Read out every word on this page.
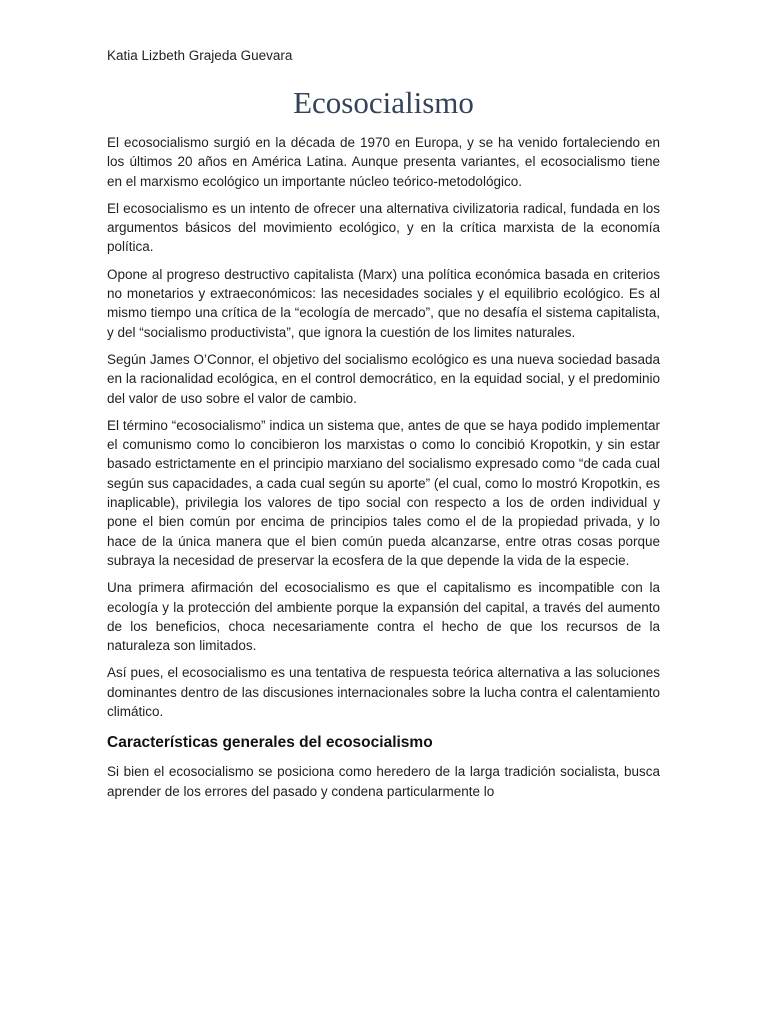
Katia Lizbeth Grajeda Guevara
Ecosocialismo

El ecosocialismo surgió en la década de 1970 en Europa, y se ha venido fortaleciendo en los últimos 20 años en América Latina. Aunque presenta variantes, el ecosocialismo tiene en el marxismo ecológico un importante núcleo teórico-metodológico.

El ecosocialismo es un intento de ofrecer una alternativa civilizatoria radical, fundada en los argumentos básicos del movimiento ecológico, y en la crítica marxista de la economía política.

Opone al progreso destructivo capitalista (Marx) una política económica basada en criterios no monetarios y extraeconómicos: las necesidades sociales y el equilibrio ecológico. Es al mismo tiempo una crítica de la “ecología de mercado”, que no desafía el sistema capitalista, y del “socialismo productivista”, que ignora la cuestión de los limites naturales.

Según James O’Connor, el objetivo del socialismo ecológico es una nueva sociedad basada en la racionalidad ecológica, en el control democrático, en la equidad social, y el predominio del valor de uso sobre el valor de cambio.

El término “ecosocialismo” indica un sistema que, antes de que se haya podido implementar el comunismo como lo concibieron los marxistas o como lo concibió Kropotkin, y sin estar basado estrictamente en el principio marxiano del socialismo expresado como “de cada cual según sus capacidades, a cada cual según su aporte” (el cual, como lo mostró Kropotkin, es inaplicable), privilegia los valores de tipo social con respecto a los de orden individual y pone el bien común por encima de principios tales como el de la propiedad privada, y lo hace de la única manera que el bien común pueda alcanzarse, entre otras cosas porque subraya la necesidad de preservar la ecosfera de la que depende la vida de la especie.

Una primera afirmación del ecosocialismo es que el capitalismo es incompatible con la ecología y la protección del ambiente porque la expansión del capital, a través del aumento de los beneficios, choca necesariamente contra el hecho de que los recursos de la naturaleza son limitados.

Así pues, el ecosocialismo es una tentativa de respuesta teórica alternativa a las soluciones dominantes dentro de las discusiones internacionales sobre la lucha contra el calentamiento climático.

Características generales del ecosocialismo

Si bien el ecosocialismo se posiciona como heredero de la larga tradición socialista, busca aprender de los errores del pasado y condena particularmente lo
